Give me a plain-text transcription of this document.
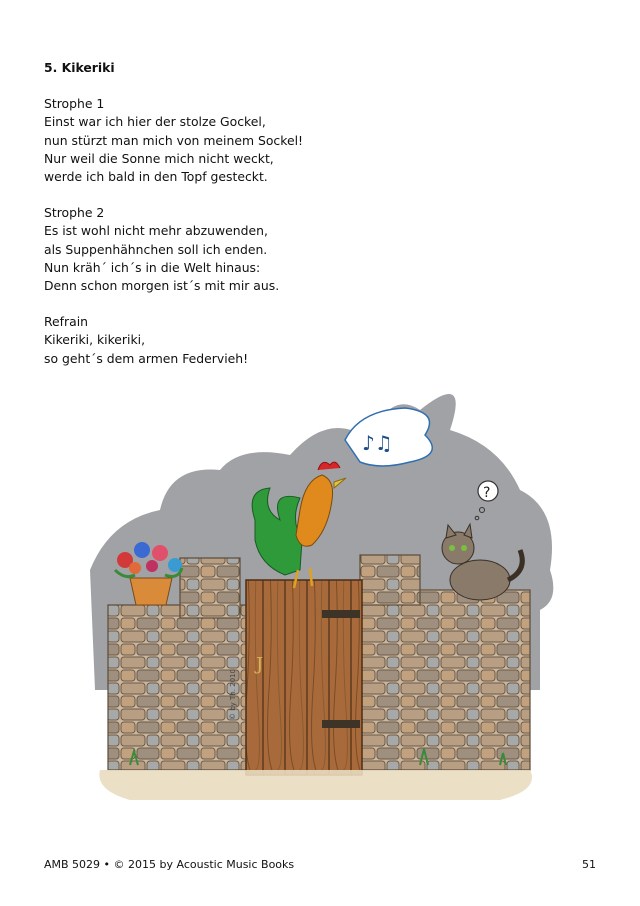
5. Kikeriki
Strophe 1
Einst war ich hier der stolze Gockel,
nun stürzt man mich von meinem Sockel!
Nur weil die Sonne mich nicht weckt,
werde ich bald in den Topf gesteckt.
Strophe 2
Es ist wohl nicht mehr abzuwenden,
als Suppenhähnchen soll ich enden.
Nun kräh´ ich´s in die Welt hinaus:
Denn schon morgen ist´s mit mir aus.
Refrain
Kikeriki, kikeriki,
so geht´s dem armen Federvieh!
♪♫
?
J
© by Th. 2010
AMB 5029 • © 2015 by Acoustic Music Books	51
